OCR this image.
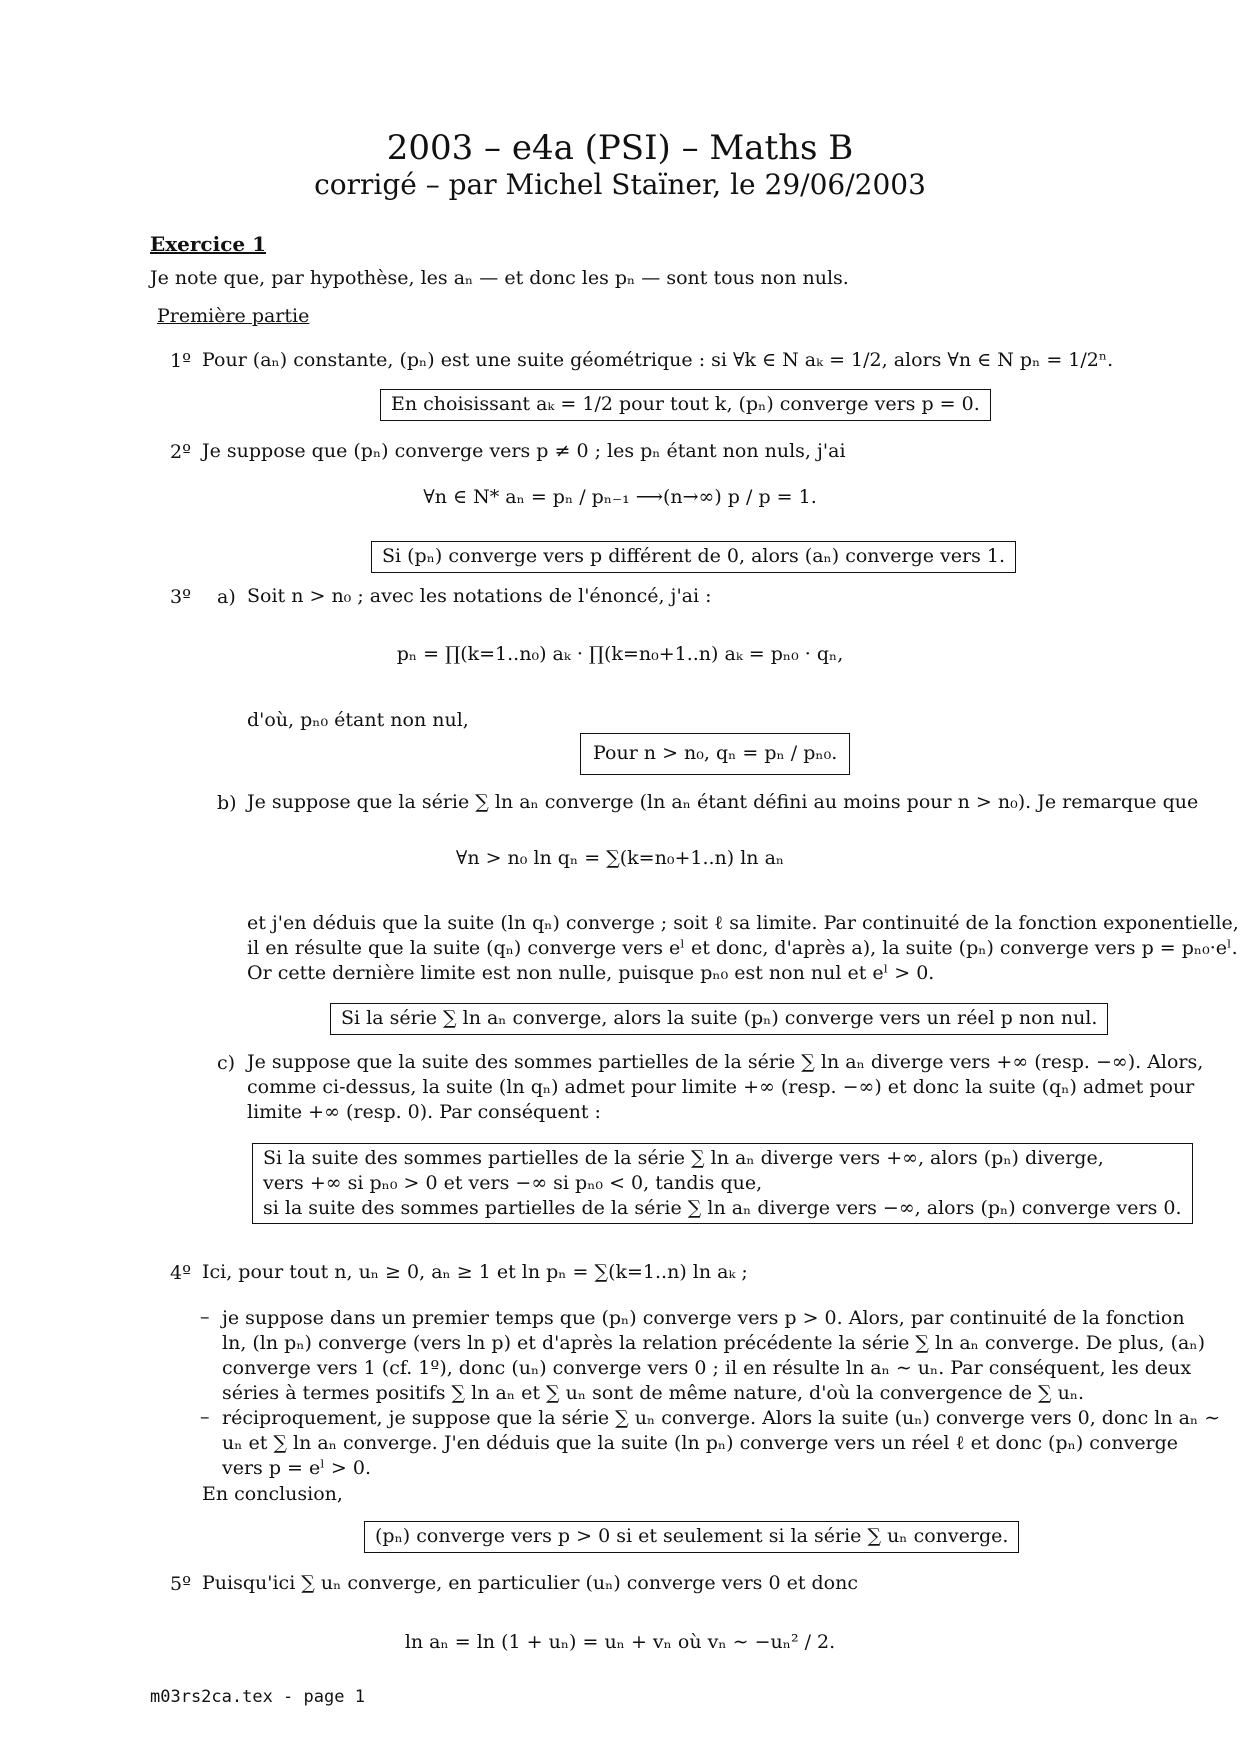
2003 – e4a (PSI) – Maths B
corrigé – par Michel Staïner, le 29/06/2003
Exercice 1
Je note que, par hypothèse, les aₙ — et donc les pₙ — sont tous non nuls.
Première partie
1º Pour (aₙ) constante, (pₙ) est une suite géométrique : si ∀k ∈ N aₖ = 1/2, alors ∀n ∈ N pₙ = 1/2ⁿ.
En choisissant aₖ = 1/2 pour tout k, (pₙ) converge vers p = 0.
2º Je suppose que (pₙ) converge vers p ≠ 0 ; les pₙ étant non nuls, j'ai
∀n ∈ N* aₙ = pₙ / pₙ₋₁ ⟶(n→∞) p / p = 1.
Si (pₙ) converge vers p différent de 0, alors (aₙ) converge vers 1.
3º a) Soit n > n₀ ; avec les notations de l'énoncé, j'ai :
pₙ = ∏(k=1..n₀) aₖ · ∏(k=n₀+1..n) aₖ = pₙ₀ · qₙ,
d'où, pₙ₀ étant non nul,
Pour n > n₀, qₙ = pₙ / pₙ₀.
b) Je suppose que la série ∑ ln aₙ converge (ln aₙ étant défini au moins pour n > n₀). Je remarque que
∀n > n₀ ln qₙ = ∑(k=n₀+1..n) ln aₙ
et j'en déduis que la suite (ln qₙ) converge ; soit ℓ sa limite. Par continuité de la fonction exponentielle,
il en résulte que la suite (qₙ) converge vers eˡ et donc, d'après a), la suite (pₙ) converge vers p = pₙ₀·eˡ.
Or cette dernière limite est non nulle, puisque pₙ₀ est non nul et eˡ > 0.
Si la série ∑ ln aₙ converge, alors la suite (pₙ) converge vers un réel p non nul.
c) Je suppose que la suite des sommes partielles de la série ∑ ln aₙ diverge vers +∞ (resp. −∞). Alors,
comme ci-dessus, la suite (ln qₙ) admet pour limite +∞ (resp. −∞) et donc la suite (qₙ) admet pour
limite +∞ (resp. 0). Par conséquent :
Si la suite des sommes partielles de la série ∑ ln aₙ diverge vers +∞, alors (pₙ) diverge,
vers +∞ si pₙ₀ > 0 et vers −∞ si pₙ₀ < 0, tandis que,
si la suite des sommes partielles de la série ∑ ln aₙ diverge vers −∞, alors (pₙ) converge vers 0.
4º Ici, pour tout n, uₙ ≥ 0, aₙ ≥ 1 et ln pₙ = ∑(k=1..n) ln aₖ ;
– je suppose dans un premier temps que (pₙ) converge vers p > 0. Alors, par continuité de la fonction
ln, (ln pₙ) converge (vers ln p) et d'après la relation précédente la série ∑ ln aₙ converge. De plus, (aₙ)
converge vers 1 (cf. 1º), donc (uₙ) converge vers 0 ; il en résulte ln aₙ ∼ uₙ. Par conséquent, les deux
séries à termes positifs ∑ ln aₙ et ∑ uₙ sont de même nature, d'où la convergence de ∑ uₙ.
– réciproquement, je suppose que la série ∑ uₙ converge. Alors la suite (uₙ) converge vers 0, donc ln aₙ ∼
uₙ et ∑ ln aₙ converge. J'en déduis que la suite (ln pₙ) converge vers un réel ℓ et donc (pₙ) converge
vers p = eˡ > 0.
En conclusion,
(pₙ) converge vers p > 0 si et seulement si la série ∑ uₙ converge.
5º Puisqu'ici ∑ uₙ converge, en particulier (uₙ) converge vers 0 et donc
ln aₙ = ln (1 + uₙ) = uₙ + vₙ où vₙ ∼ −uₙ² / 2.
m03rs2ca.tex - page 1
